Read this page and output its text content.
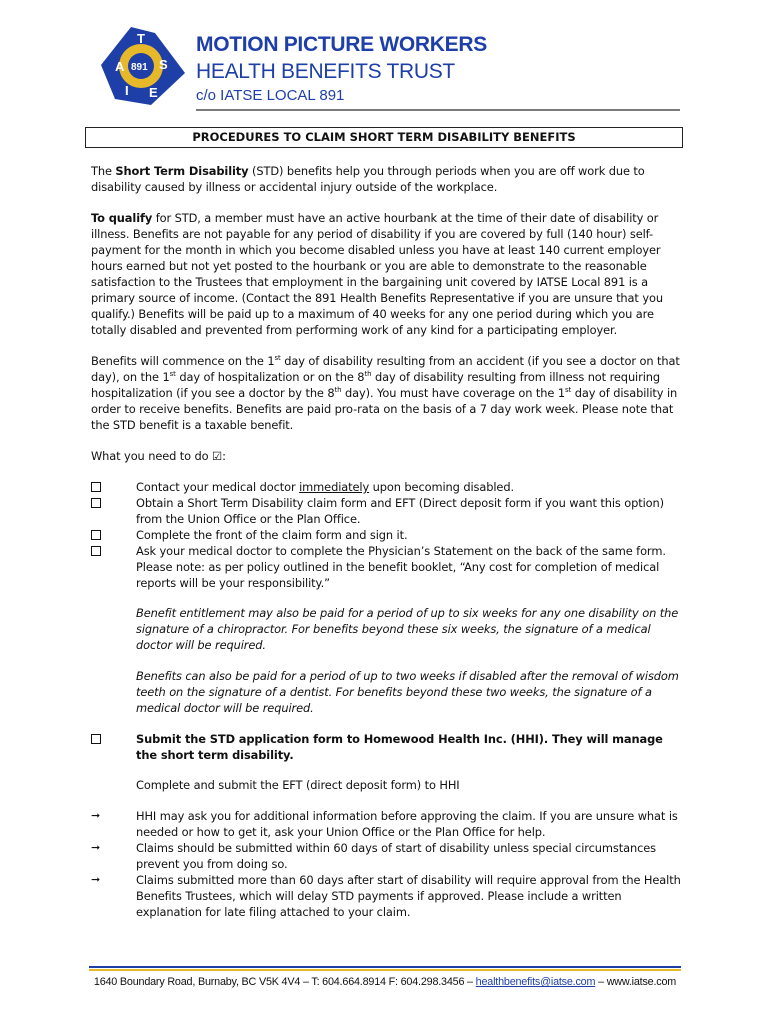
A
T
S
E
I
891
MOTION PICTURE WORKERS
HEALTH BENEFITS TRUST
c/o IATSE LOCAL 891
PROCEDURES TO CLAIM SHORT TERM DISABILITY BENEFITS

The Short Term Disability (STD) benefits help you through periods when you are off work due to disability caused by illness or accidental injury outside of the workplace.

To qualify for STD, a member must have an active hourbank at the time of their date of disability or illness. Benefits are not payable for any period of disability if you are covered by full (140 hour) self-payment for the month in which you become disabled unless you have at least 140 current employer hours earned but not yet posted to the hourbank or you are able to demonstrate to the reasonable satisfaction to the Trustees that employment in the bargaining unit covered by IATSE Local 891 is a primary source of income. (Contact the 891 Health Benefits Representative if you are unsure that you qualify.) Benefits will be paid up to a maximum of 40 weeks for any one period during which you are totally disabled and prevented from performing work of any kind for a participating employer.

Benefits will commence on the 1st day of disability resulting from an accident (if you see a doctor on that day), on the 1st day of hospitalization or on the 8th day of disability resulting from illness not requiring hospitalization (if you see a doctor by the 8th day). You must have coverage on the 1st day of disability in order to receive benefits. Benefits are paid pro-rata on the basis of a 7 day work week. Please note that the STD benefit is a taxable benefit.

What you need to do ☑:

Contact your medical doctor immediately upon becoming disabled.
Obtain a Short Term Disability claim form and EFT (Direct deposit form if you want this option) from the Union Office or the Plan Office.
Complete the front of the claim form and sign it.
Ask your medical doctor to complete the Physician’s Statement on the back of the same form. Please note: as per policy outlined in the benefit booklet, “Any cost for completion of medical reports will be your responsibility.”

Benefit entitlement may also be paid for a period of up to six weeks for any one disability on the signature of a chiropractor. For benefits beyond these six weeks, the signature of a medical doctor will be required.

Benefits can also be paid for a period of up to two weeks if disabled after the removal of wisdom teeth on the signature of a dentist. For benefits beyond these two weeks, the signature of a medical doctor will be required.

Submit the STD application form to Homewood Health Inc. (HHI). They will manage the short term disability.

Complete and submit the EFT (direct deposit form) to HHI

➞	HHI may ask you for additional information before approving the claim. If you are unsure what is needed or how to get it, ask your Union Office or the Plan Office for help.
➞	Claims should be submitted within 60 days of start of disability unless special circumstances prevent you from doing so.
➞	Claims submitted more than 60 days after start of disability will require approval from the Health Benefits Trustees, which will delay STD payments if approved. Please include a written explanation for late filing attached to your claim.
1640 Boundary Road, Burnaby, BC V5K 4V4 – T: 604.664.8914 F: 604.298.3456 – healthbenefits@iatse.com – www.iatse.com
